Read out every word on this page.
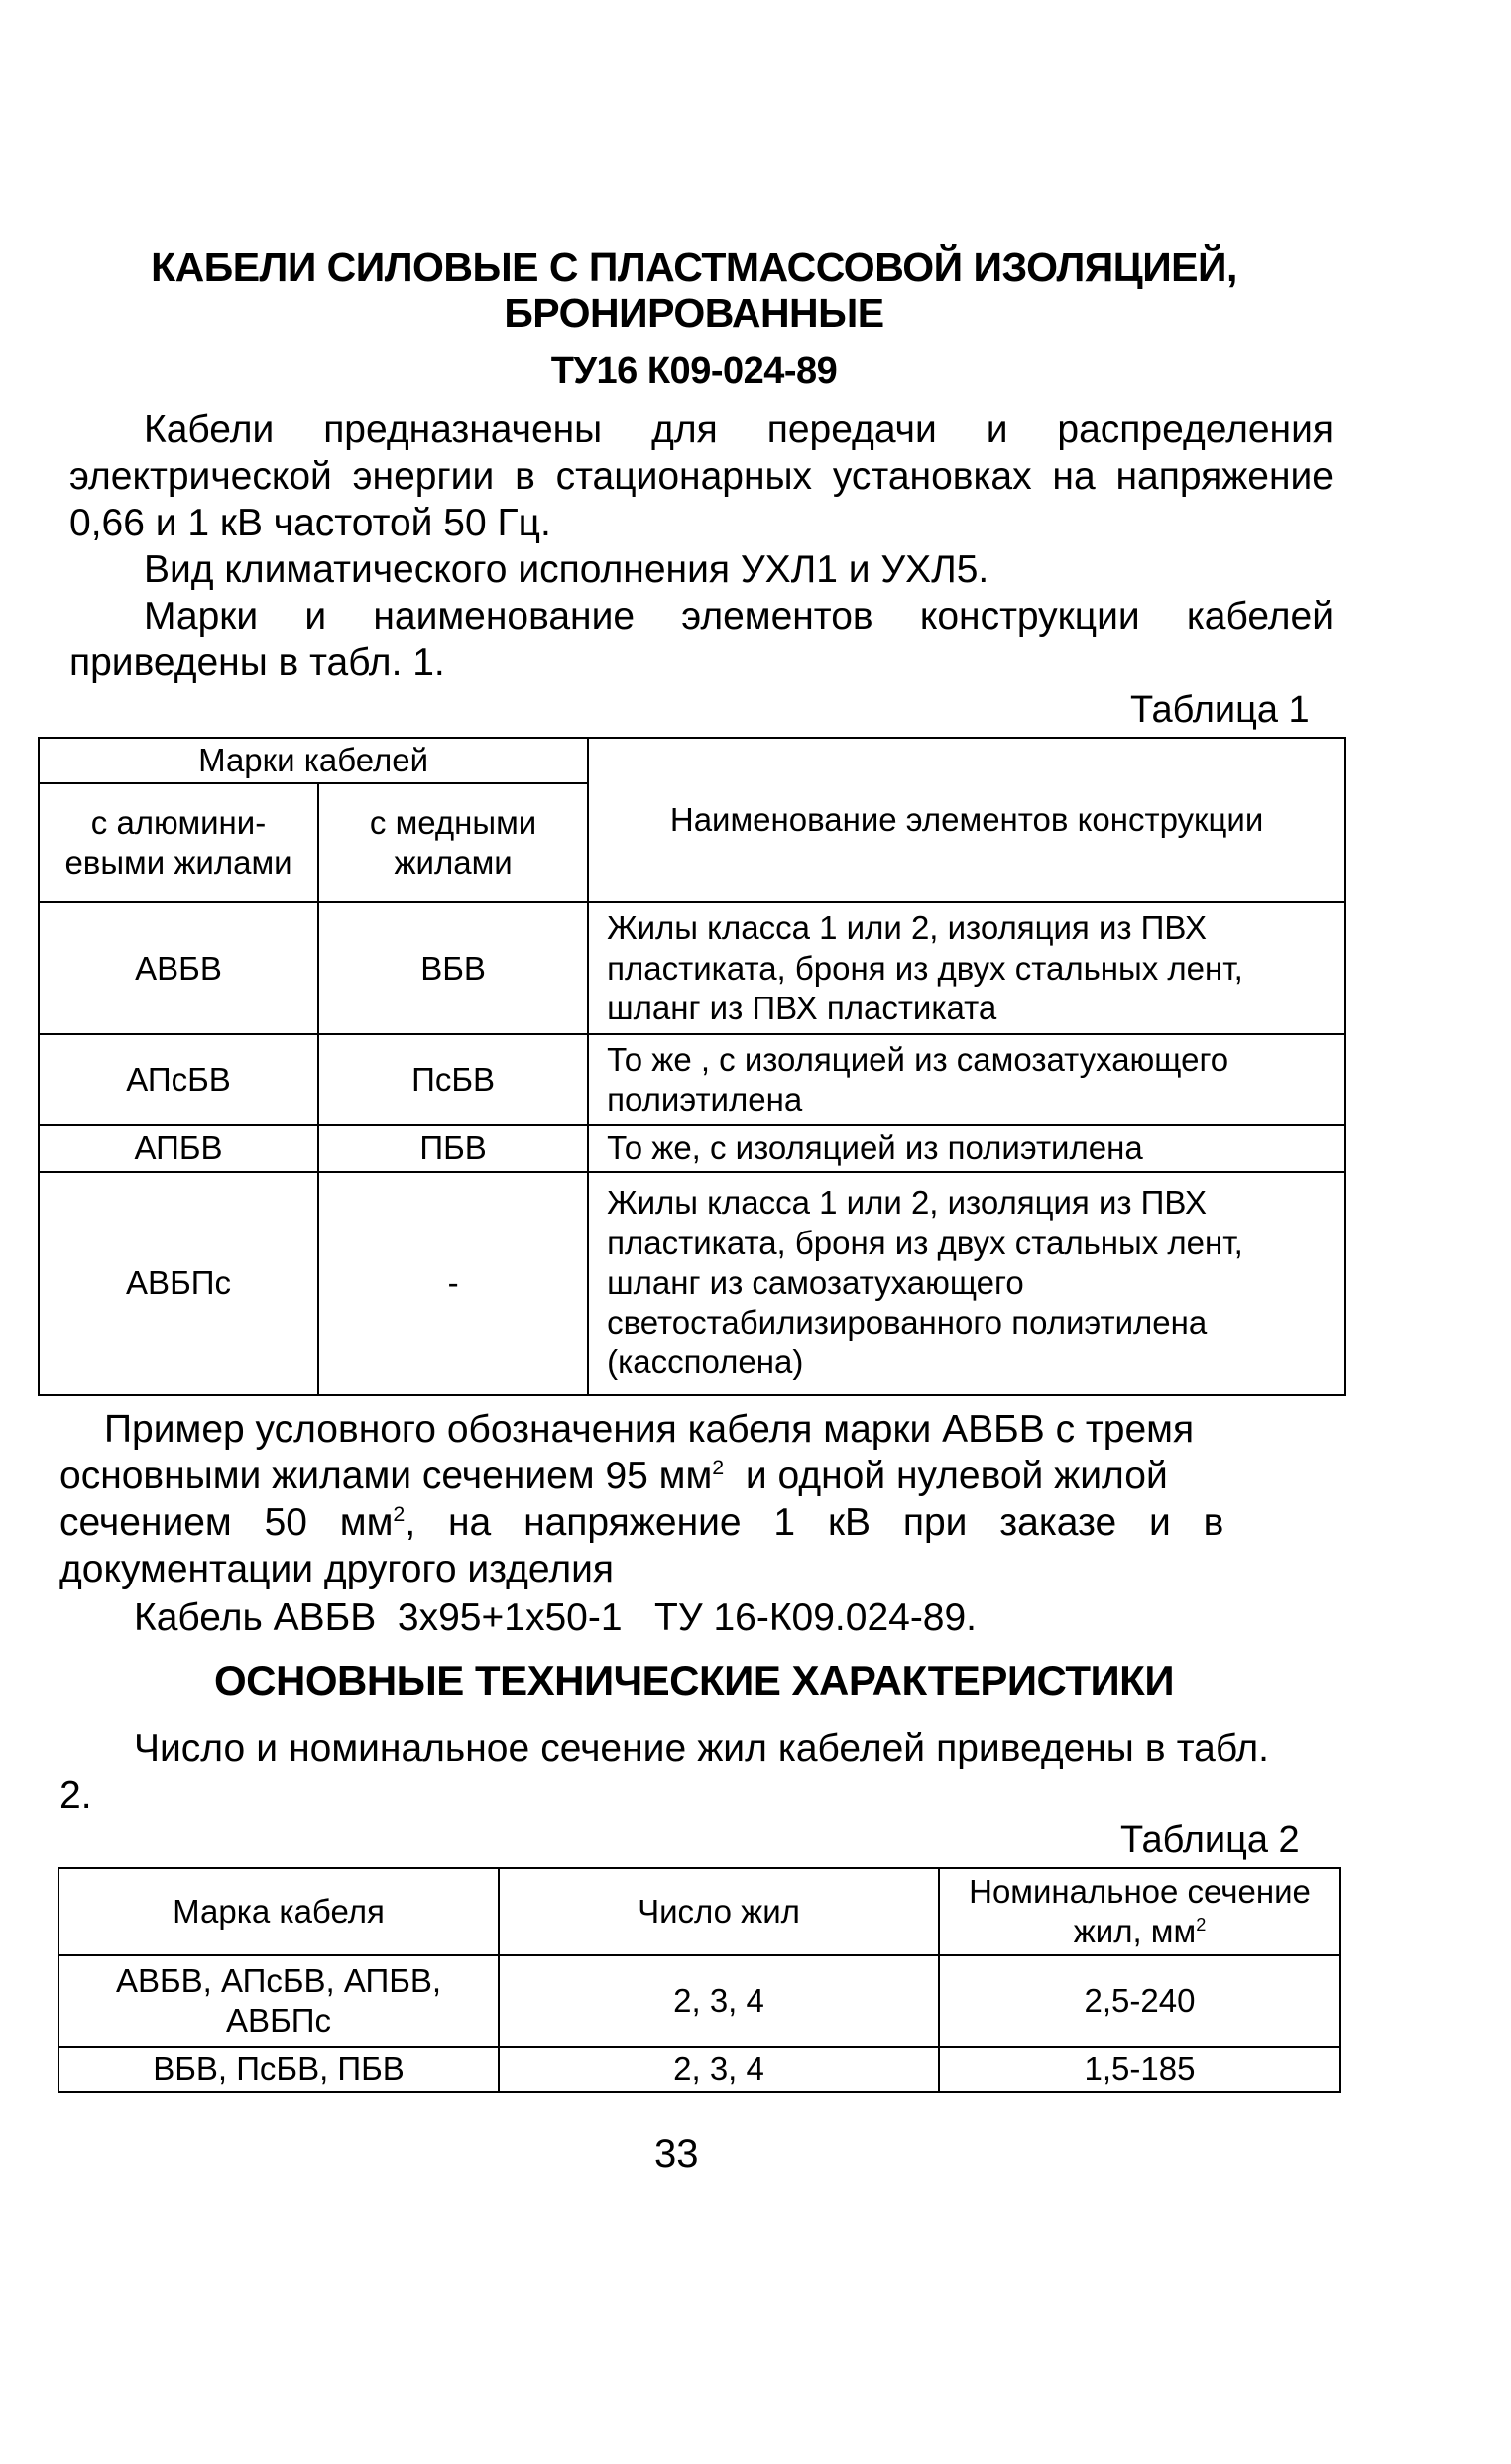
КАБЕЛИ СИЛОВЫЕ С ПЛАСТМАССОВОЙ ИЗОЛЯЦИЕЙ,
БРОНИРОВАННЫЕ
ТУ16 К09-024-89
Кабели предназначены для передачи и распределения электрической энергии в стационарных установках на напряжение 0,66 и 1 кВ частотой 50 Гц.
Вид климатического исполнения УХЛ1 и УХЛ5.
Марки и наименование элементов конструкции кабелей приведены в табл. 1.
Таблица 1
Марки кабелей		Наименование элементов конструкции
с алюмини-евыми жилами	с медными жилами	
АВБВ	ВБВ	Жилы класса 1 или 2, изоляция из ПВХ пластиката, броня из двух стальных лент, шланг из ПВХ пластиката
АПсБВ	ПсБВ	То же , с изоляцией из самозатухающего полиэтилена
АПБВ	ПБВ	То же, с изоляцией из полиэтилена
АВБПс	-	Жилы класса 1 или 2, изоляция из ПВХ пластиката, броня из двух стальных лент, шланг из самозатухающего светостабилизированного полиэтилена (кассполена)
Пример условного обозначения кабеля марки АВБВ с тремя
основными жилами сечением 95 $мм^2$  и одной нулевой жилой
сечением 50 $мм^2$, на напряжение 1 кВ при заказе и в
документации другого изделия
Кабель АВБВ  3х95+1х50-1   ТУ 16-К09.024-89.
ОСНОВНЫЕ ТЕХНИЧЕСКИЕ ХАРАКТЕРИСТИКИ
Число и номинальное сечение жил кабелей приведены в табл. 2.
Таблица 2
Марка кабеля	Число жил	Номинальное сечение жил, $мм^2$
АВБВ, АПсБВ, АПБВ, АВБПс	2, 3, 4	2,5-240
ВБВ, ПсБВ, ПБВ	2, 3, 4	1,5-185
33
